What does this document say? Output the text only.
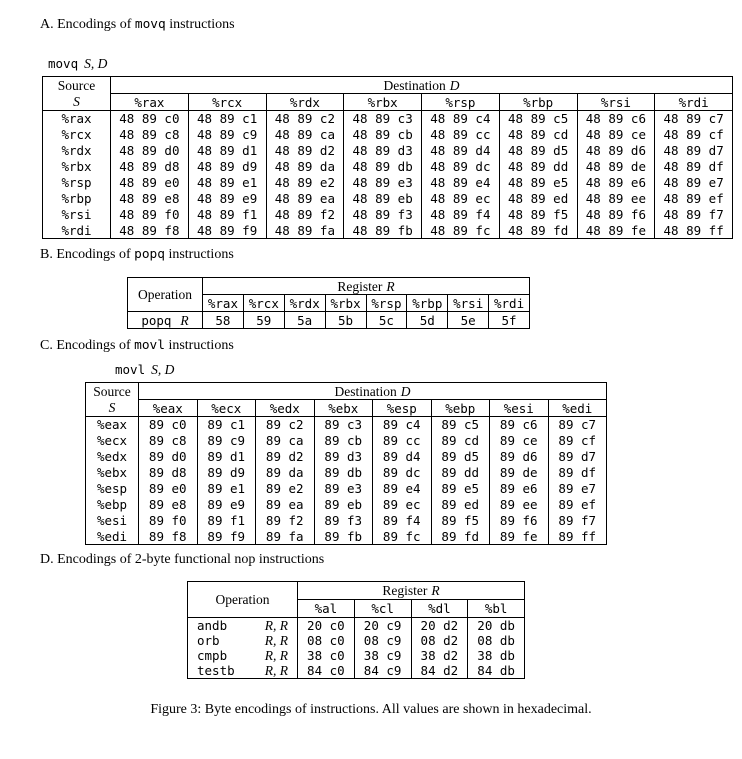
A. Encodings of movq instructions
movq S, D
Source
S	Destination D							
	%rax	%rcx	%rdx	%rbx	%rsp	%rbp	%rsi	%rdi
%rax	48 89 c0	48 89 c1	48 89 c2	48 89 c3	48 89 c4	48 89 c5	48 89 c6	48 89 c7
%rcx	48 89 c8	48 89 c9	48 89 ca	48 89 cb	48 89 cc	48 89 cd	48 89 ce	48 89 cf
%rdx	48 89 d0	48 89 d1	48 89 d2	48 89 d3	48 89 d4	48 89 d5	48 89 d6	48 89 d7
%rbx	48 89 d8	48 89 d9	48 89 da	48 89 db	48 89 dc	48 89 dd	48 89 de	48 89 df
%rsp	48 89 e0	48 89 e1	48 89 e2	48 89 e3	48 89 e4	48 89 e5	48 89 e6	48 89 e7
%rbp	48 89 e8	48 89 e9	48 89 ea	48 89 eb	48 89 ec	48 89 ed	48 89 ee	48 89 ef
%rsi	48 89 f0	48 89 f1	48 89 f2	48 89 f3	48 89 f4	48 89 f5	48 89 f6	48 89 f7
%rdi	48 89 f8	48 89 f9	48 89 fa	48 89 fb	48 89 fc	48 89 fd	48 89 fe	48 89 ff
B. Encodings of popq instructions
Operation	Register R							
	%rax	%rcx	%rdx	%rbx	%rsp	%rbp	%rsi	%rdi

popq R	58	59	5a	5b	5c	5d	5e	5f
C. Encodings of movl instructions
movl S, D
Source
S	Destination D							
	%eax	%ecx	%edx	%ebx	%esp	%ebp	%esi	%edi
%eax	89 c0	89 c1	89 c2	89 c3	89 c4	89 c5	89 c6	89 c7
%ecx	89 c8	89 c9	89 ca	89 cb	89 cc	89 cd	89 ce	89 cf
%edx	89 d0	89 d1	89 d2	89 d3	89 d4	89 d5	89 d6	89 d7
%ebx	89 d8	89 d9	89 da	89 db	89 dc	89 dd	89 de	89 df
%esp	89 e0	89 e1	89 e2	89 e3	89 e4	89 e5	89 e6	89 e7
%ebp	89 e8	89 e9	89 ea	89 eb	89 ec	89 ed	89 ee	89 ef
%esi	89 f0	89 f1	89 f2	89 f3	89 f4	89 f5	89 f6	89 f7
%edi	89 f8	89 f9	89 fa	89 fb	89 fc	89 fd	89 fe	89 ff
D. Encodings of 2-byte functional nop instructions
Operation	Register R			
	%al	%cl	%dl	%bl

andb R, R	20 c0	20 c9	20 d2	20 db

orb R, R	08 c0	08 c9	08 d2	08 db

cmpb R, R	38 c0	38 c9	38 d2	38 db

testb R, R	84 c0	84 c9	84 d2	84 db
Figure 3: Byte encodings of instructions. All values are shown in hexadecimal.
